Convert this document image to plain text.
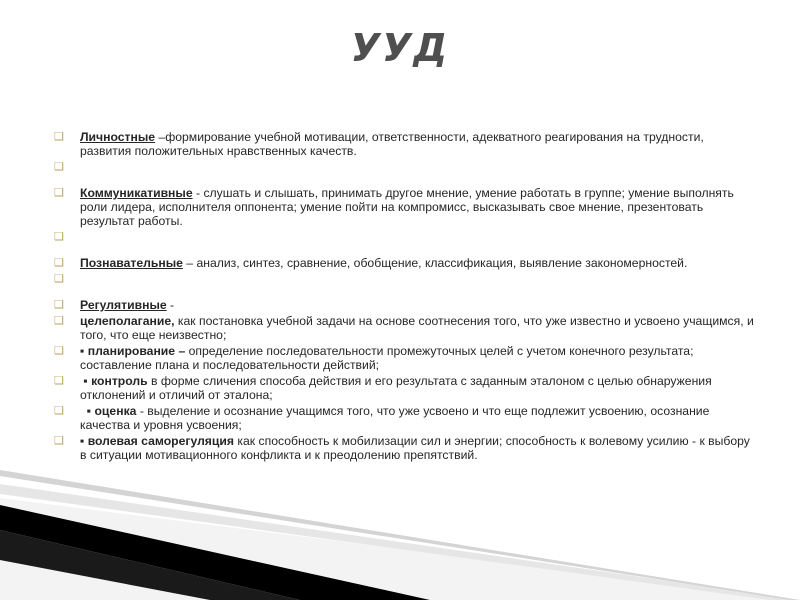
УУД
❑ Личностные –формирование учебной мотивации, ответственности, адекватного реагирования на трудности, развития положительных нравственных качеств.
❑
❑ Коммуникативные - слушать и слышать, принимать другое мнение, умение работать в группе; умение выполнять роли лидера, исполнителя оппонента; умение пойти на компромисс, высказывать свое мнение, презентовать результат работы.
❑
❑ Познавательные – анализ, синтез, сравнение, обобщение, классификация, выявление закономерностей.
❑
❑ Регулятивные -
❑ целеполагание, как постановка учебной задачи на основе соотнесения того, что уже известно и усвоено учащимся, и того, что еще неизвестно;
❑ ▪ планирование – определение последовательности промежуточных целей с учетом конечного результата; составление плана и последовательности действий;
❑ ▪ контроль в форме сличения способа действия и его результата с заданным эталоном с целью обнаружения отклонений и отличий от эталона;
❑ ▪ оценка - выделение и осознание учащимся того, что уже усвоено и что еще подлежит усвоению, осознание качества и уровня усвоения;
❑ ▪ волевая саморегуляция как способность к мобилизации сил и энергии; способность к волевому усилию - к выбору в ситуации мотивационного конфликта и к преодолению препятствий.
